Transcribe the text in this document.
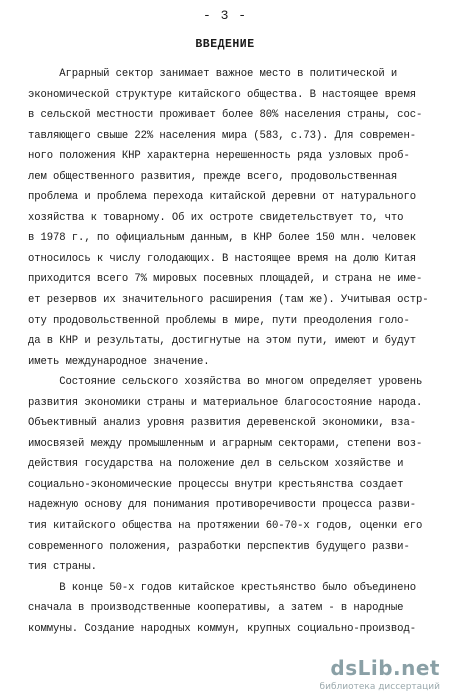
- 3 -
ВВЕДЕНИЕ
Аграрный сектор занимает важное место в политической и
экономической структуре китайского общества. В настоящее время
в сельской местности проживает более 80% населения страны, сос-
тавляющего свыше 22% населения мира (583, с.73). Для современ-
ного положения КНР характерна нерешенность ряда узловых проб-
лем общественного развития, прежде всего, продовольственная
проблема и проблема перехода китайской деревни от натурального
хозяйства к товарному. Об их остроте свидетельствует то, что
в 1978 г., по официальным данным, в КНР более 150 млн. человек
относилось к числу голодающих. В настоящее время на долю Китая
приходится всего 7% мировых посевных площадей, и страна не име-
ет резервов их значительного расширения (там же). Учитывая остр-
оту продовольственной проблемы в мире, пути преодоления голо-
да в КНР и результаты, достигнутые на этом пути, имеют и будут
иметь международное значение.
Состояние сельского хозяйства во многом определяет уровень
развития экономики страны и материальное благосостояние народа.
Объективный анализ уровня развития деревенской экономики, вза-
имосвязей между промышленным и аграрным секторами, степени воз-
действия государства на положение дел в сельском хозяйстве и
социально-экономические процессы внутри крестьянства создает
надежную основу для понимания противоречивости процесса разви-
тия китайского общества на протяжении 60-70-х годов, оценки его
современного положения, разработки перспектив будущего разви-
тия страны.
В конце 50-х годов китайское крестьянство было объединено
сначала в производственные кооперативы, а затем - в народные
коммуны. Создание народных коммун, крупных социально-производ-
dsLib.net
библиотека диссертаций
